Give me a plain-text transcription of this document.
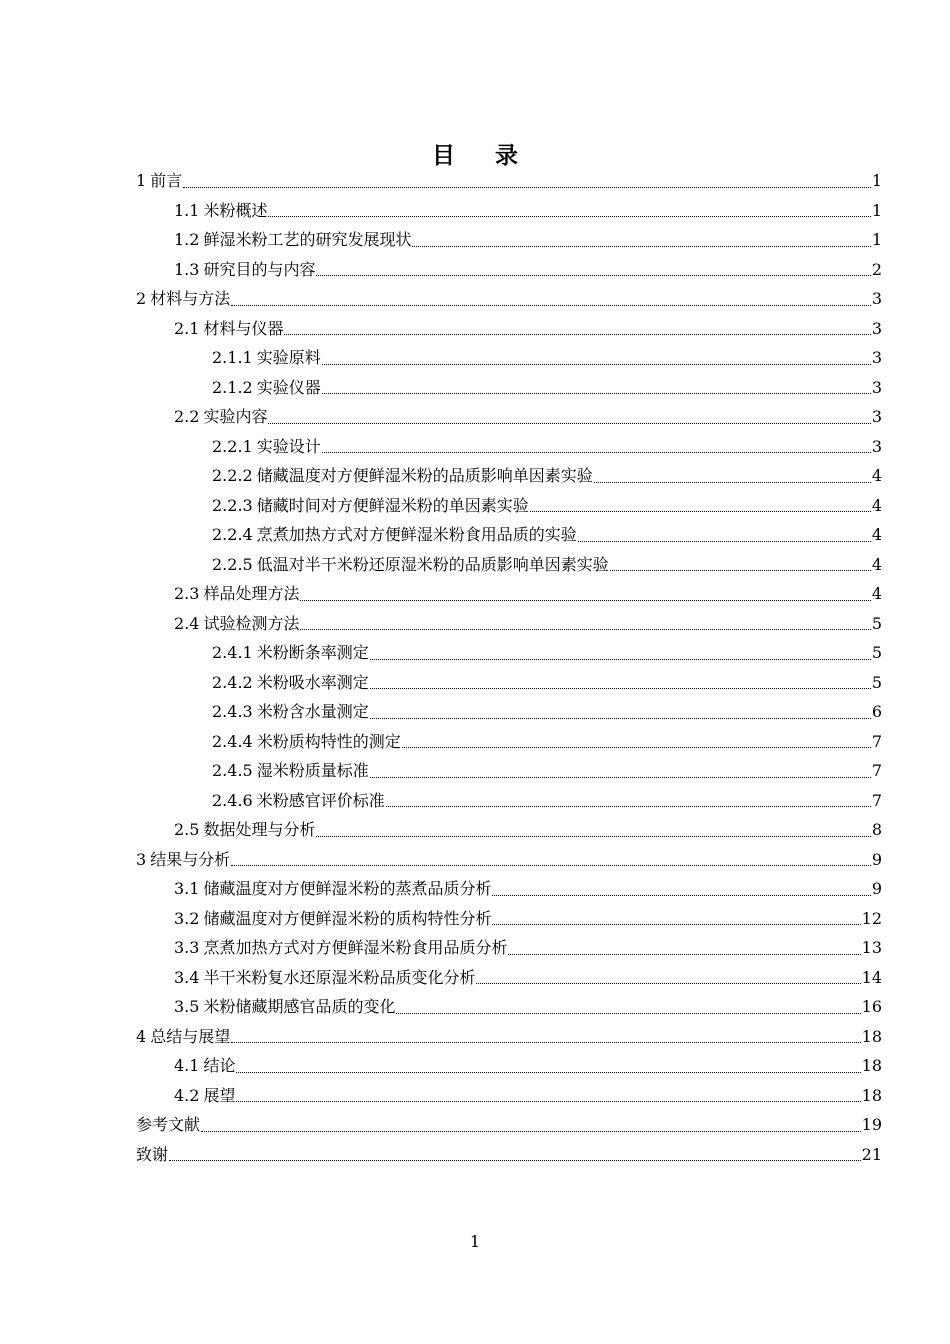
目 录
1 前言	1
1.1 米粉概述	1
1.2 鲜湿米粉工艺的研究发展现状	1
1.3 研究目的与内容	2
2 材料与方法	3
2.1 材料与仪器	3
2.1.1 实验原料	3
2.1.2 实验仪器	3
2.2 实验内容	3
2.2.1 实验设计	3
2.2.2 储藏温度对方便鲜湿米粉的品质影响单因素实验	4
2.2.3 储藏时间对方便鲜湿米粉的单因素实验	4
2.2.4 烹煮加热方式对方便鲜湿米粉食用品质的实验	4
2.2.5 低温对半干米粉还原湿米粉的品质影响单因素实验	4
2.3 样品处理方法	4
2.4 试验检测方法	5
2.4.1 米粉断条率测定	5
2.4.2 米粉吸水率测定	5
2.4.3 米粉含水量测定	6
2.4.4 米粉质构特性的测定	7
2.4.5 湿米粉质量标准	7
2.4.6 米粉感官评价标准	7
2.5 数据处理与分析	8
3 结果与分析	9
3.1 储藏温度对方便鲜湿米粉的蒸煮品质分析	9
3.2 储藏温度对方便鲜湿米粉的质构特性分析	12
3.3 烹煮加热方式对方便鲜湿米粉食用品质分析	13
3.4 半干米粉复水还原湿米粉品质变化分析	14
3.5 米粉储藏期感官品质的变化	16
4 总结与展望	18
4.1 结论	18
4.2 展望	18
参考文献	19
致谢	21
1
